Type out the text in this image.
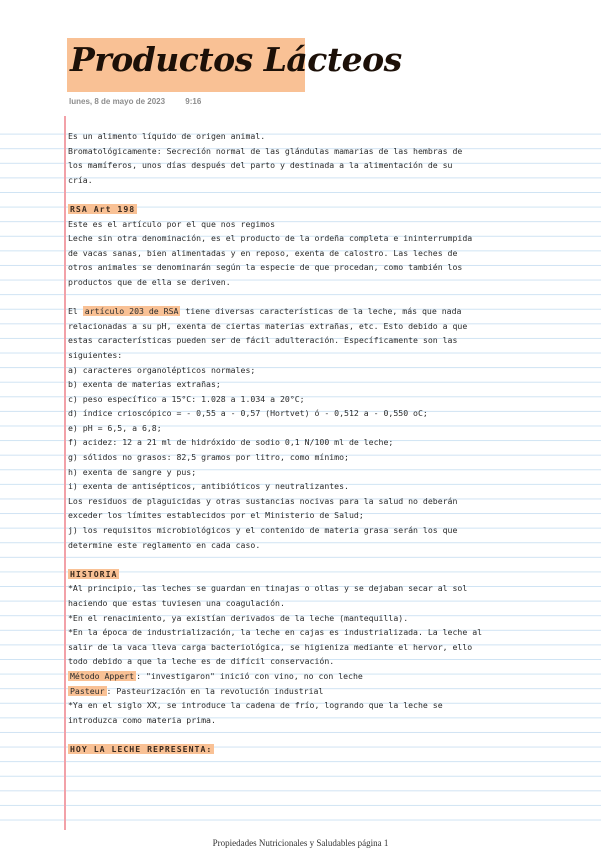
Productos Lácteos
lunes, 8 de mayo de 2023	9:16

Es un alimento líquido de origen animal.

Bromatológicamente: Secreción normal de las glándulas mamarias de las hembras de

los mamíferos, unos días después del parto y destinada a la alimentación de su

cría.

RSA Art 198

Este es el artículo por el que nos regimos

Leche sin otra denominación, es el producto de la ordeña completa e ininterrumpida

de vacas sanas, bien alimentadas y en reposo, exenta de calostro. Las leches de

otros animales se denominarán según la especie de que procedan, como también los

productos que de ella se deriven.

El artículo 203 de RSA tiene diversas características de la leche, más que nada

relacionadas a su pH, exenta de ciertas materias extrañas, etc. Esto debido a que

estas características pueden ser de fácil adulteración. Específicamente son las

siguientes:

a) caracteres organolépticos normales;

b) exenta de materias extrañas;

c) peso específico a 15°C: 1.028 a 1.034 a 20°C;

d) índice crioscópico = - 0,55 a - 0,57 (Hortvet) ó - 0,512 a - 0,550 oC;

e) pH = 6,5, a 6,8;

f) acidez: 12 a 21 ml de hidróxido de sodio 0,1 N/100 ml de leche;

g) sólidos no grasos: 82,5 gramos por litro, como mínimo;

h) exenta de sangre y pus;

i) exenta de antisépticos, antibióticos y neutralizantes.

Los residuos de plaguicidas y otras sustancias nocivas para la salud no deberán

exceder los límites establecidos por el Ministerio de Salud;

j) los requisitos microbiológicos y el contenido de materia grasa serán los que

determine este reglamento en cada caso.

HISTORIA

*Al principio, las leches se guardan en tinajas o ollas y se dejaban secar al sol

haciendo que estas tuviesen una coagulación.

*En el renacimiento, ya existían derivados de la leche (mantequilla).

*En la época de industrialización, la leche en cajas es industrializada. La leche al

salir de la vaca lleva carga bacteriológica, se higieniza mediante el hervor, ello

todo debido a que la leche es de difícil conservación.

Método Appert : "investigaron" inició con vino, no con leche

Pasteur : Pasteurización en la revolución industrial

*Ya en el siglo XX, se introduce la cadena de frío, logrando que la leche se

introduzca como materia prima.

HOY LA LECHE REPRESENTA:

Propiedades Nutricionales y Saludables página 1
